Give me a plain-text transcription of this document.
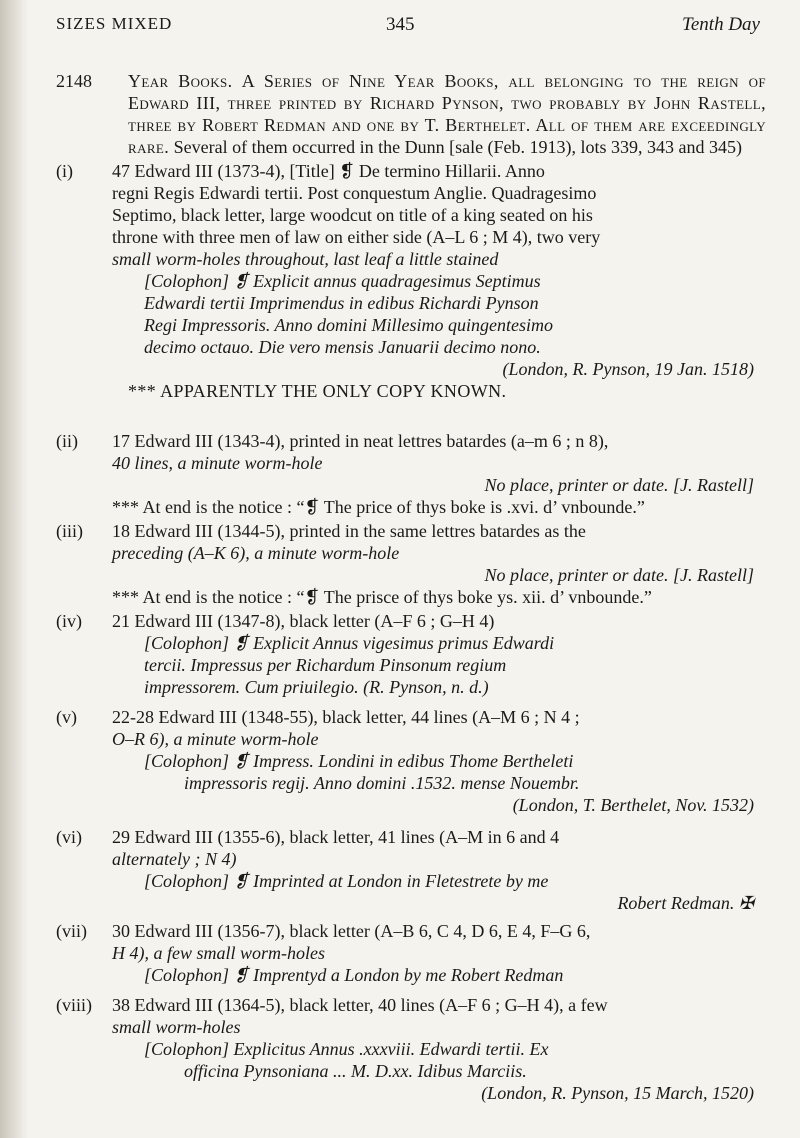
SIZES MIXED	345	Tenth Day
2148 Year Books. A Series of Nine Year Books, all belonging to the reign of Edward III, three printed by Richard Pynson, two probably by John Rastell, three by Robert Redman and one by T. Berthelet. All of them are exceedingly rare. Several of them occurred in the Dunn [sale (Feb. 1913), lots 339, 343 and 345)
(i) 47 Edward III (1373-4), [Title] ❡ De termino Hillarii. Anno
regni Regis Edwardi tertii. Post conquestum Anglie. Quadragesimo
Septimo, black letter, large woodcut on title of a king seated on his
throne with three men of law on either side (A–L 6 ; M 4), two very
small worm-holes throughout, last leaf a little stained
[Colophon] ❡ Explicit annus quadragesimus Septimus
Edwardi tertii Imprimendus in edibus Richardi Pynson
Regi Impressoris. Anno domini Millesimo quingentesimo
decimo octauo. Die vero mensis Januarii decimo nono.
(London, R. Pynson, 19 Jan. 1518)
*** APPARENTLY THE ONLY COPY KNOWN.
(ii) 17 Edward III (1343-4), printed in neat lettres batardes (a–m 6 ; n 8),
40 lines, a minute worm-hole
No place, printer or date. [J. Rastell]
*** At end is the notice : “❡ The price of thys boke is .xvi. d’ vnbounde.”
(iii) 18 Edward III (1344-5), printed in the same lettres batardes as the
preceding (A–K 6), a minute worm-hole
No place, printer or date. [J. Rastell]
*** At end is the notice : “❡ The prisce of thys boke ys. xii. d’ vnbounde.”
(iv) 21 Edward III (1347-8), black letter (A–F 6 ; G–H 4)
[Colophon] ❡ Explicit Annus vigesimus primus Edwardi
tercii. Impressus per Richardum Pinsonum regium
impressorem. Cum priuilegio. (R. Pynson, n. d.)
(v) 22-28 Edward III (1348-55), black letter, 44 lines (A–M 6 ; N 4 ;
O–R 6), a minute worm-hole
[Colophon] ❡ Impress. Londini in edibus Thome Bertheleti
impressoris regij. Anno domini .1532. mense Nouembr.
(London, T. Berthelet, Nov. 1532)
(vi) 29 Edward III (1355-6), black letter, 41 lines (A–M in 6 and 4
alternately ; N 4)
[Colophon] ❡ Imprinted at London in Fletestrete by me
Robert Redman. ✠
(vii) 30 Edward III (1356-7), black letter (A–B 6, C 4, D 6, E 4, F–G 6,
H 4), a few small worm-holes
[Colophon] ❡ Imprentyd a London by me Robert Redman
(viii) 38 Edward III (1364-5), black letter, 40 lines (A–F 6 ; G–H 4), a few
small worm-holes
[Colophon] Explicitus Annus .xxxviii. Edwardi tertii. Ex
officina Pynsoniana ... M. D.xx. Idibus Marciis.
(London, R. Pynson, 15 March, 1520)
